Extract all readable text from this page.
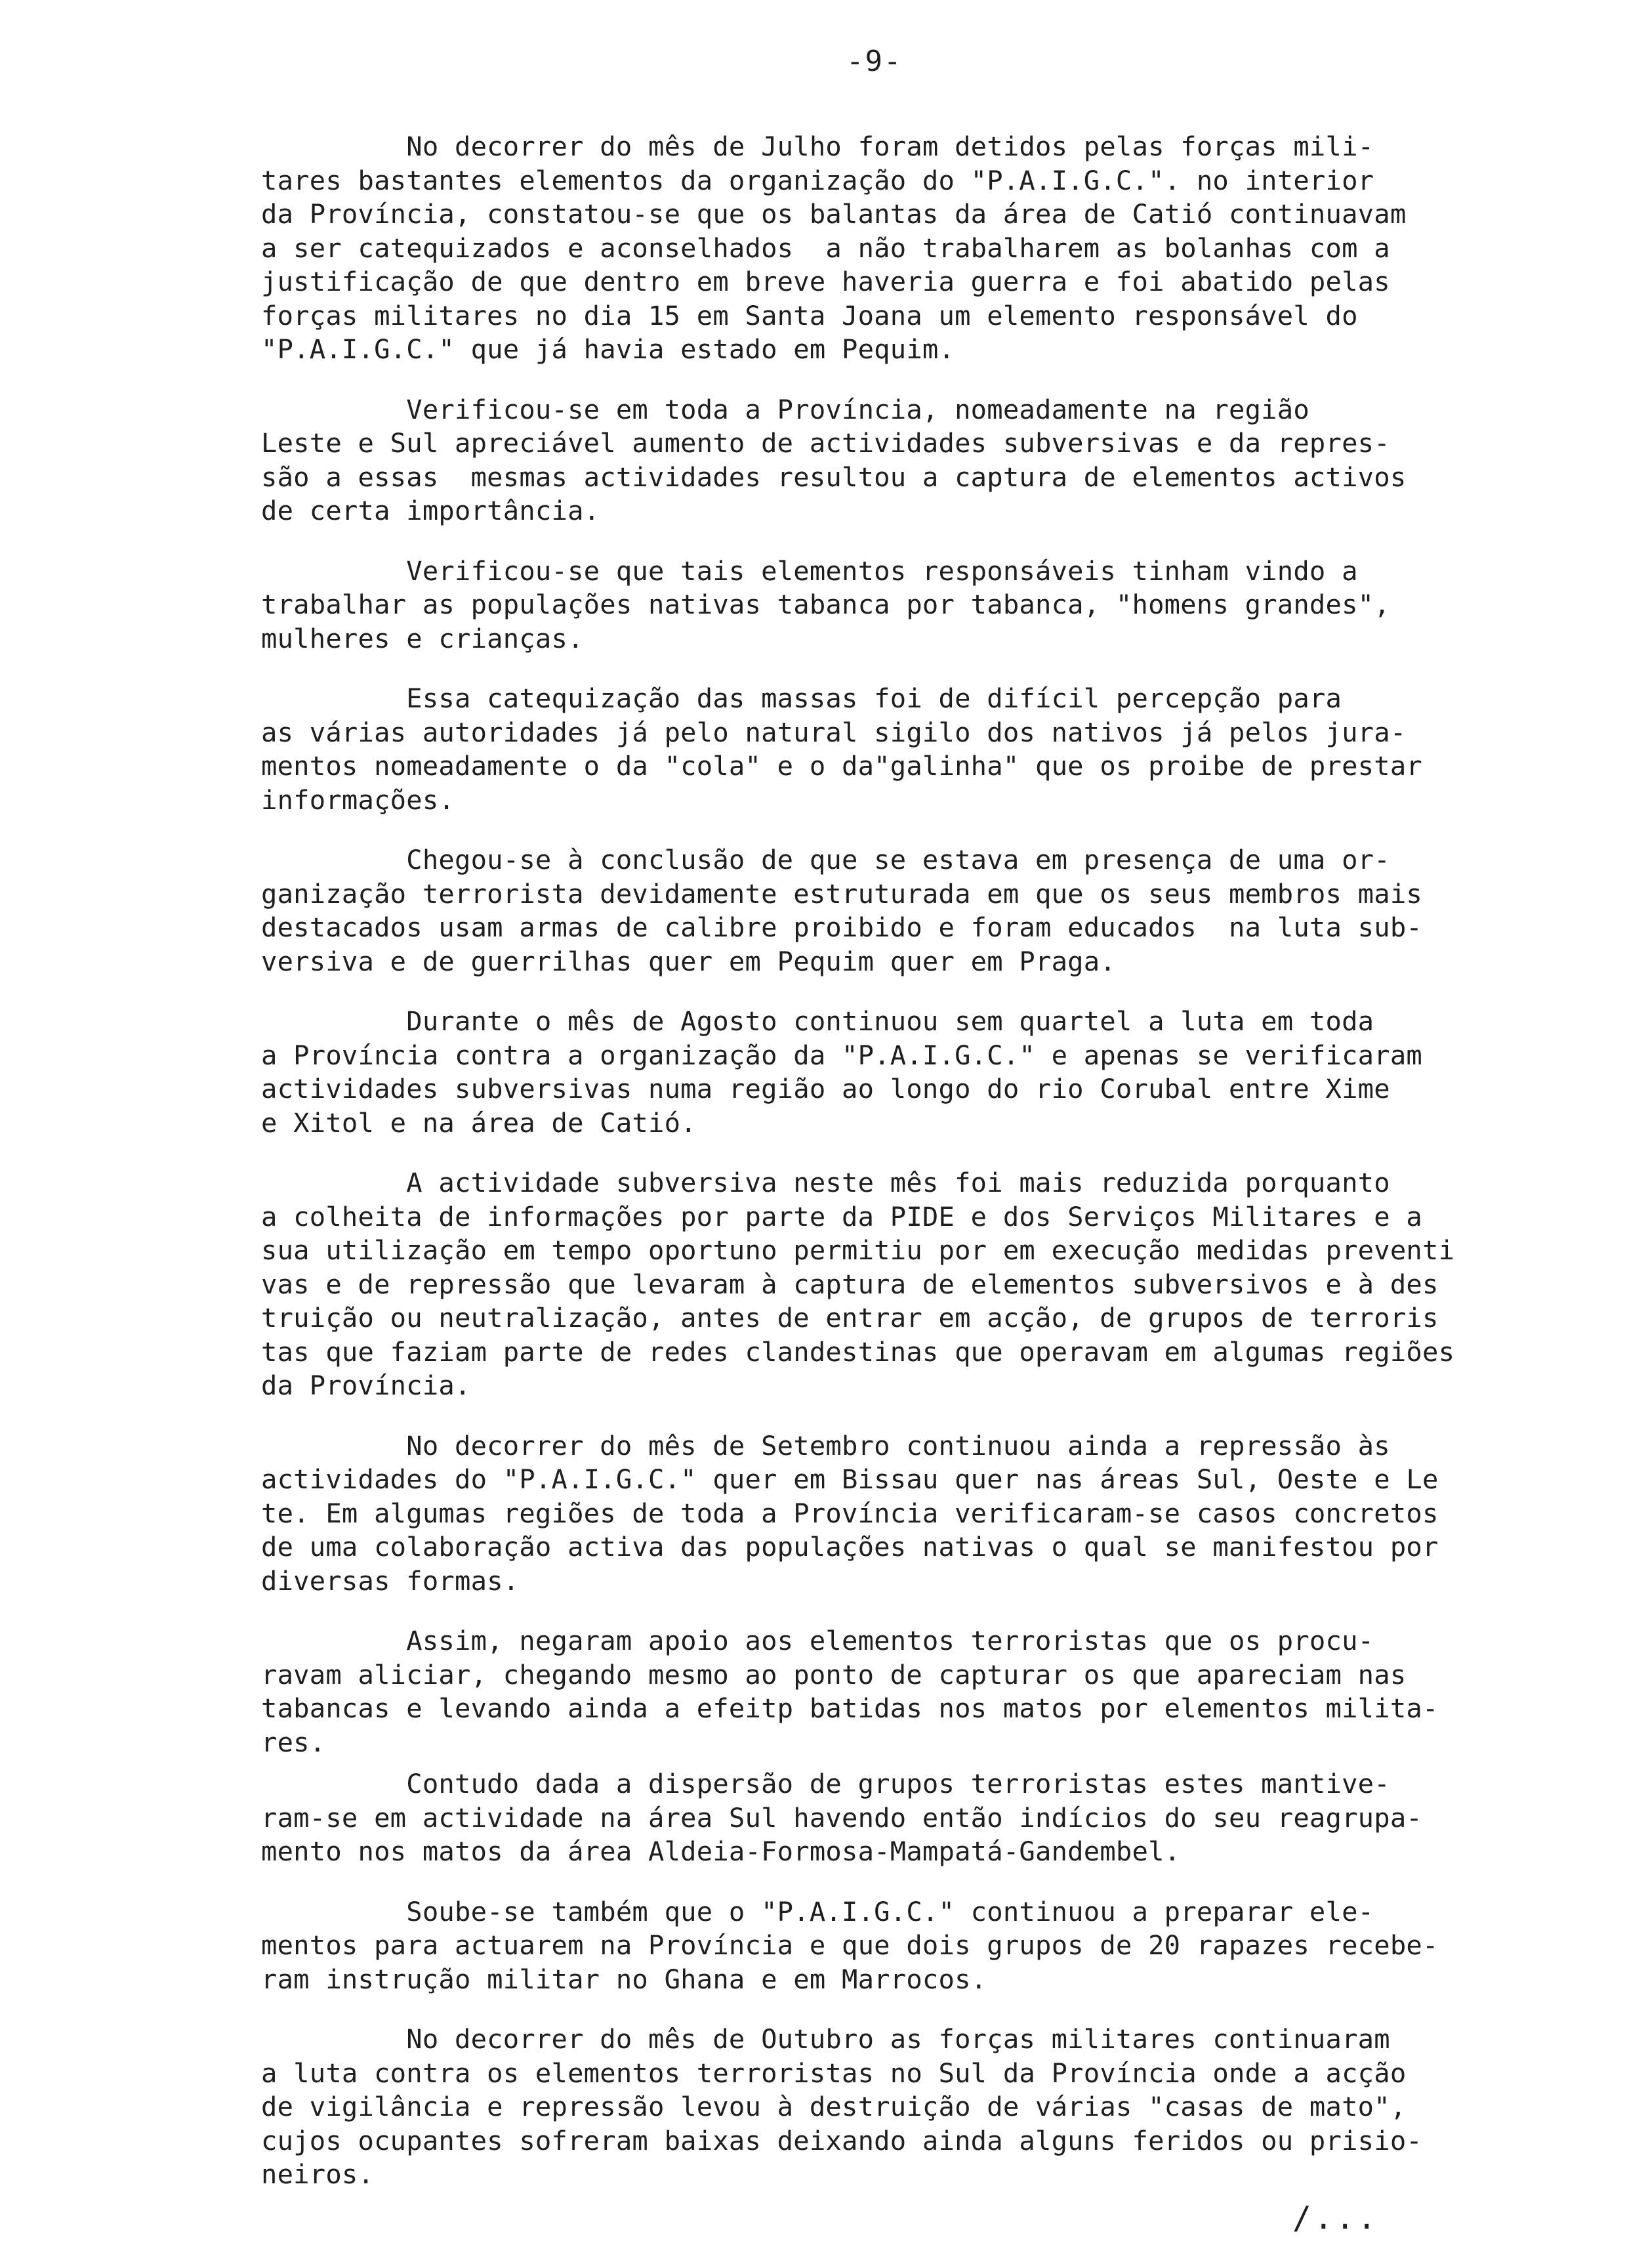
-9-

No decorrer do mês de Julho foram detidos pelas forças mili-
tares bastantes elementos da organização do "P.A.I.G.C.". no interior
da Província, constatou-se que os balantas da área de Catió continuavam
a ser catequizados e aconselhados  a não trabalharem as bolanhas com a
justificação de que dentro em breve haveria guerra e foi abatido pelas
forças militares no dia 15 em Santa Joana um elemento responsável do
"P.A.I.G.C." que já havia estado em Pequim.

Verificou-se em toda a Província, nomeadamente na região
Leste e Sul apreciável aumento de actividades subversivas e da repres-
são a essas  mesmas actividades resultou a captura de elementos activos
de certa importância.

Verificou-se que tais elementos responsáveis tinham vindo a
trabalhar as populações nativas tabanca por tabanca, "homens grandes",
mulheres e crianças.

Essa catequização das massas foi de difícil percepção para
as várias autoridades já pelo natural sigilo dos nativos já pelos jura-
mentos nomeadamente o da "cola" e o da"galinha" que os proibe de prestar
informações.

Chegou-se à conclusão de que se estava em presença de uma or-
ganização terrorista devidamente estruturada em que os seus membros mais
destacados usam armas de calibre proibido e foram educados  na luta sub-
versiva e de guerrilhas quer em Pequim quer em Praga.

Durante o mês de Agosto continuou sem quartel a luta em toda
a Província contra a organização da "P.A.I.G.C." e apenas se verificaram
actividades subversivas numa região ao longo do rio Corubal entre Xime
e Xitol e na área de Catió.

A actividade subversiva neste mês foi mais reduzida porquanto
a colheita de informações por parte da PIDE e dos Serviços Militares e a
sua utilização em tempo oportuno permitiu por em execução medidas preventi
vas e de repressão que levaram à captura de elementos subversivos e à des
truição ou neutralização, antes de entrar em acção, de grupos de terroris
tas que faziam parte de redes clandestinas que operavam em algumas regiões
da Província.

No decorrer do mês de Setembro continuou ainda a repressão às
actividades do "P.A.I.G.C." quer em Bissau quer nas áreas Sul, Oeste e Le
te. Em algumas regiões de toda a Província verificaram-se casos concretos
de uma colaboração activa das populações nativas o qual se manifestou por
diversas formas.

Assim, negaram apoio aos elementos terroristas que os procu-
ravam aliciar, chegando mesmo ao ponto de capturar os que apareciam nas
tabancas e levando ainda a efeitp batidas nos matos por elementos milita-
res.

Contudo dada a dispersão de grupos terroristas estes mantive-
ram-se em actividade na área Sul havendo então indícios do seu reagrupa-
mento nos matos da área Aldeia-Formosa-Mampatá-Gandembel.

Soube-se também que o "P.A.I.G.C." continuou a preparar ele-
mentos para actuarem na Província e que dois grupos de 20 rapazes recebe-
ram instrução militar no Ghana e em Marrocos.

No decorrer do mês de Outubro as forças militares continuaram
a luta contra os elementos terroristas no Sul da Província onde a acção
de vigilância e repressão levou à destruição de várias "casas de mato",
cujos ocupantes sofreram baixas deixando ainda alguns feridos ou prisio-
neiros.

/...
